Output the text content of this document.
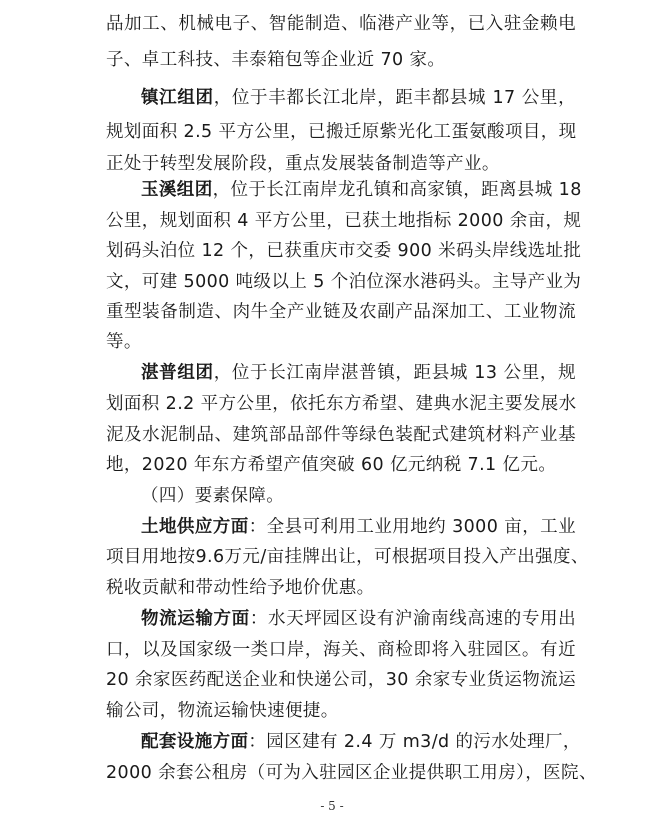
品加工、机械电子、智能制造、临港产业等，已入驻金赖电
子、卓工科技、丰泰箱包等企业近 70 家。
镇江组团，位于丰都长江北岸，距丰都县城 17 公里，
规划面积 2.5 平方公里，已搬迁原紫光化工蛋氨酸项目，现
正处于转型发展阶段，重点发展装备制造等产业。
玉溪组团，位于长江南岸龙孔镇和高家镇，距离县城 18
公里，规划面积 4 平方公里，已获土地指标 2000 余亩，规
划码头泊位 12 个，已获重庆市交委 900 米码头岸线选址批
文，可建 5000 吨级以上 5 个泊位深水港码头。主导产业为
重型装备制造、肉牛全产业链及农副产品深加工、工业物流
等。
湛普组团，位于长江南岸湛普镇，距县城 13 公里，规
划面积 2.2 平方公里，依托东方希望、建典水泥主要发展水
泥及水泥制品、建筑部品部件等绿色装配式建筑材料产业基
地，2020 年东方希望产值突破 60 亿元纳税 7.1 亿元。
（四）要素保障。
土地供应方面：全县可利用工业用地约 3000 亩，工业
项目用地按9.6万元/亩挂牌出让，可根据项目投入产出强度、
税收贡献和带动性给予地价优惠。
物流运输方面：水天坪园区设有沪渝南线高速的专用出
口，以及国家级一类口岸，海关、商检即将入驻园区。有近
20 余家医药配送企业和快递公司，30 余家专业货运物流运
输公司，物流运输快速便捷。
配套设施方面：园区建有 2.4 万 m3/d 的污水处理厂，
2000 余套公租房（可为入驻园区企业提供职工用房），医院、
- 5 -
